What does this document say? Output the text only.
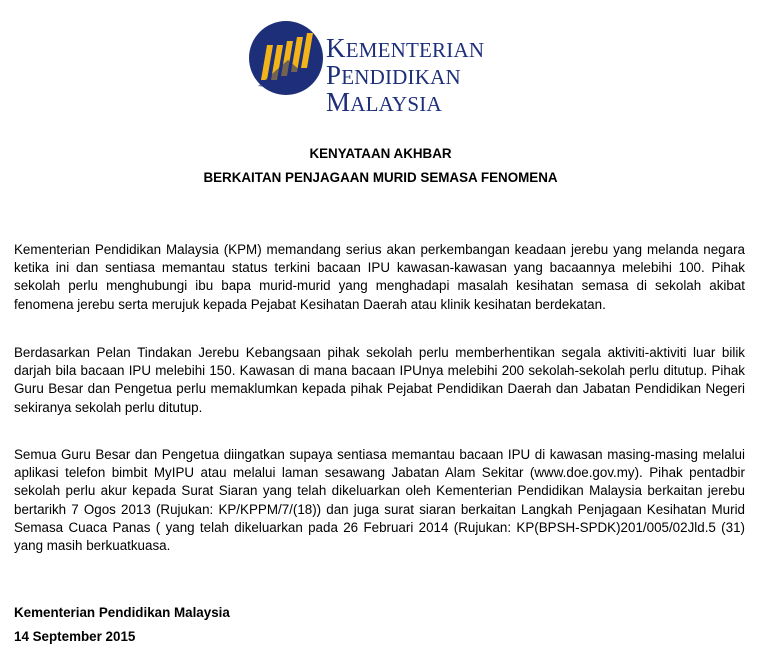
KEMENTERIAN
PENDIDIKAN
MALAYSIA
KENYATAAN AKHBAR
BERKAITAN PENJAGAAN MURID SEMASA FENOMENA
Kementerian Pendidikan Malaysia (KPM) memandang serius akan perkembangan keadaan jerebu yang melanda negara ketika ini dan sentiasa memantau status terkini bacaan IPU kawasan-kawasan yang bacaannya melebihi 100. Pihak sekolah perlu menghubungi ibu bapa murid-murid yang menghadapi masalah kesihatan semasa di sekolah akibat fenomena jerebu serta merujuk kepada Pejabat Kesihatan Daerah atau klinik kesihatan berdekatan.
Berdasarkan Pelan Tindakan Jerebu Kebangsaan pihak sekolah perlu memberhentikan segala aktiviti-aktiviti luar bilik darjah bila bacaan IPU melebihi 150. Kawasan di mana bacaan IPUnya melebihi 200 sekolah-sekolah perlu ditutup. Pihak Guru Besar dan Pengetua perlu memaklumkan kepada pihak Pejabat Pendidikan Daerah dan Jabatan Pendidikan Negeri sekiranya sekolah perlu ditutup.
Semua Guru Besar dan Pengetua diingatkan supaya sentiasa memantau bacaan IPU di kawasan masing-masing melalui aplikasi telefon bimbit MyIPU atau melalui laman sesawang Jabatan Alam Sekitar (www.doe.gov.my). Pihak pentadbir sekolah perlu akur kepada Surat Siaran yang telah dikeluarkan oleh Kementerian Pendidikan Malaysia berkaitan jerebu bertarikh 7 Ogos 2013 (Rujukan: KP/KPPM/7/(18)) dan juga surat siaran berkaitan Langkah Penjagaan Kesihatan Murid Semasa Cuaca Panas ( yang telah dikeluarkan pada 26 Februari 2014 (Rujukan: KP(BPSH-SPDK)201/005/02Jld.5 (31) yang masih berkuatkuasa.
Kementerian Pendidikan Malaysia
14 September 2015
